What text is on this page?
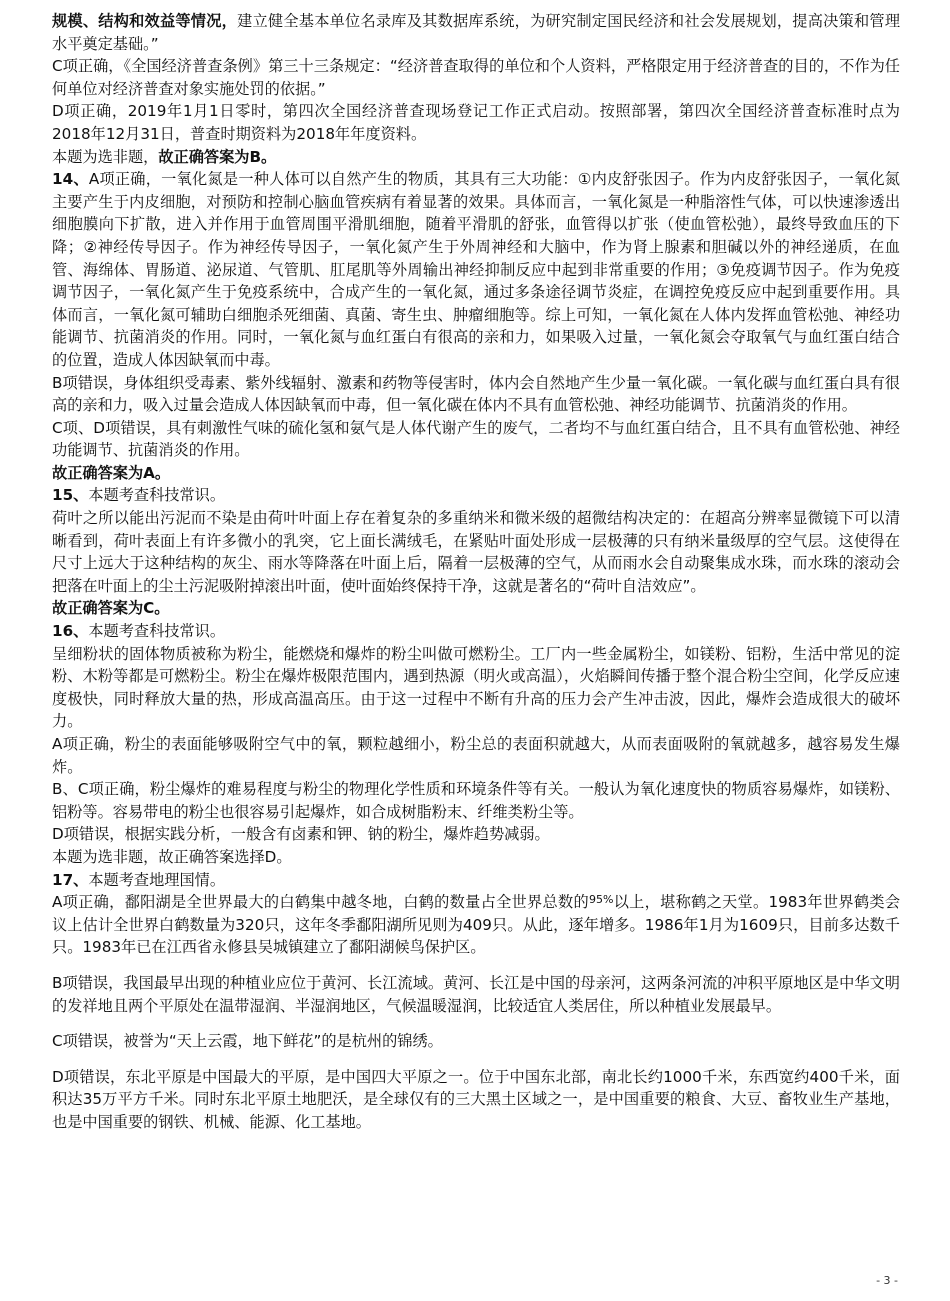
规模、结构和效益等情况，建立健全基本单位名录库及其数据库系统，为研究制定国民经济和社会发展规划，提高决策和管理水平奠定基础。”

C项正确，《全国经济普查条例》第三十三条规定：“经济普查取得的单位和个人资料，严格限定用于经济普查的目的，不作为任何单位对经济普查对象实施处罚的依据。”

D项正确，2019年1月1日零时，第四次全国经济普查现场登记工作正式启动。按照部署，第四次全国经济普查标准时点为2018年12月31日，普查时期资料为2018年年度资料。

本题为选非题，故正确答案为B。

14、A项正确，一氧化氮是一种人体可以自然产生的物质，其具有三大功能：①内皮舒张因子。作为内皮舒张因子，一氧化氮主要产生于内皮细胞，对预防和控制心脑血管疾病有着显著的效果。具体而言，一氧化氮是一种脂溶性气体，可以快速渗透出细胞膜向下扩散，进入并作用于血管周围平滑肌细胞，随着平滑肌的舒张，血管得以扩张（使血管松弛），最终导致血压的下降；②神经传导因子。作为神经传导因子，一氧化氮产生于外周神经和大脑中，作为肾上腺素和胆碱以外的神经递质，在血管、海绵体、胃肠道、泌尿道、气管肌、肛尾肌等外周输出神经抑制反应中起到非常重要的作用；③免疫调节因子。作为免疫调节因子，一氧化氮产生于免疫系统中，合成产生的一氧化氮，通过多条途径调节炎症，在调控免疫反应中起到重要作用。具体而言，一氧化氮可辅助白细胞杀死细菌、真菌、寄生虫、肿瘤细胞等。综上可知，一氧化氮在人体内发挥血管松弛、神经功能调节、抗菌消炎的作用。同时，一氧化氮与血红蛋白有很高的亲和力，如果吸入过量，一氧化氮会夺取氧气与血红蛋白结合的位置，造成人体因缺氧而中毒。

B项错误，身体组织受毒素、紫外线辐射、激素和药物等侵害时，体内会自然地产生少量一氧化碳。一氧化碳与血红蛋白具有很高的亲和力，吸入过量会造成人体因缺氧而中毒，但一氧化碳在体内不具有血管松弛、神经功能调节、抗菌消炎的作用。

C项、D项错误，具有刺激性气味的硫化氢和氨气是人体代谢产生的废气，二者均不与血红蛋白结合，且不具有血管松弛、神经功能调节、抗菌消炎的作用。

故正确答案为A。

15、本题考查科技常识。

荷叶之所以能出污泥而不染是由荷叶叶面上存在着复杂的多重纳米和微米级的超微结构决定的：在超高分辨率显微镜下可以清晰看到，荷叶表面上有许多微小的乳突，它上面长满绒毛，在紧贴叶面处形成一层极薄的只有纳米量级厚的空气层。这使得在尺寸上远大于这种结构的灰尘、雨水等降落在叶面上后，隔着一层极薄的空气，从而雨水会自动聚集成水珠，而水珠的滚动会把落在叶面上的尘土污泥吸附掉滚出叶面，使叶面始终保持干净，这就是著名的“荷叶自洁效应”。

故正确答案为C。

16、本题考查科技常识。

呈细粉状的固体物质被称为粉尘，能燃烧和爆炸的粉尘叫做可燃粉尘。工厂内一些金属粉尘，如镁粉、铝粉，生活中常见的淀粉、木粉等都是可燃粉尘。粉尘在爆炸极限范围内，遇到热源（明火或高温），火焰瞬间传播于整个混合粉尘空间，化学反应速度极快，同时释放大量的热，形成高温高压。由于这一过程中不断有升高的压力会产生冲击波，因此，爆炸会造成很大的破坏力。

A项正确，粉尘的表面能够吸附空气中的氧，颗粒越细小，粉尘总的表面积就越大，从而表面吸附的氧就越多，越容易发生爆炸。

B、C项正确，粉尘爆炸的难易程度与粉尘的物理化学性质和环境条件等有关。一般认为氧化速度快的物质容易爆炸，如镁粉、铝粉等。容易带电的粉尘也很容易引起爆炸，如合成树脂粉末、纤维类粉尘等。

D项错误，根据实践分析，一般含有卤素和钾、钠的粉尘，爆炸趋势减弱。

本题为选非题，故正确答案选择D。

17、本题考查地理国情。

A项正确，鄱阳湖是全世界最大的白鹤集中越冬地，白鹤的数量占全世界总数的$^{95\%}$以上，堪称鹤之天堂。1983年世界鹤类会议上估计全世界白鹤数量为320只，这年冬季鄱阳湖所见则为409只。从此，逐年增多。1986年1月为1609只，目前多达数千只。1983年已在江西省永修县吴城镇建立了鄱阳湖候鸟保护区。

B项错误，我国最早出现的种植业应位于黄河、长江流域。黄河、长江是中国的母亲河，这两条河流的冲积平原地区是中华文明的发祥地且两个平原处在温带湿润、半湿润地区，气候温暖湿润，比较适宜人类居住，所以种植业发展最早。

C项错误，被誉为“天上云霞，地下鲜花”的是杭州的锦绣。

D项错误，东北平原是中国最大的平原，是中国四大平原之一。位于中国东北部，南北长约1000千米，东西宽约400千米，面积达35万平方千米。同时东北平原土地肥沃，是全球仅有的三大黑土区域之一，是中国重要的粮食、大豆、畜牧业生产基地，也是中国重要的钢铁、机械、能源、化工基地。

- 3 -
